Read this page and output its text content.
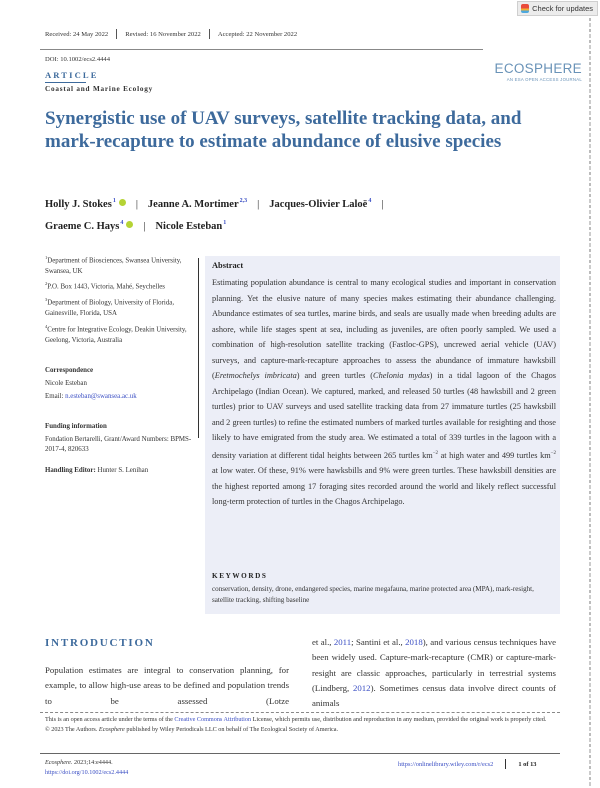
Check for updates
Received: 24 May 2022	Revised: 16 November 2022	Accepted: 22 November 2022
DOI: 10.1002/ecs2.4444
ECOSPHERE
AN ESA OPEN ACCESS JOURNAL
ARTICLE
Coastal and Marine Ecology
Synergistic use of UAV surveys, satellite tracking data, and mark-recapture to estimate abundance of elusive species
Holly J. Stokes$^1$ | Jeanne A. Mortimer$^{2,3}$ | Jacques-Olivier Laloë$^4$ |
Graeme C. Hays$^4$ | Nicole Esteban$^1$

$^1$Department of Biosciences, Swansea University, Swansea, UK

$^2$P.O. Box 1443, Victoria, Mahé, Seychelles

$^3$Department of Biology, University of Florida, Gainesville, Florida, USA

$^4$Centre for Integrative Ecology, Deakin University, Geelong, Victoria, Australia

Correspondence

Nicole Esteban

Email: n.esteban@swansea.ac.uk

Funding information

Fondation Bertarelli, Grant/Award Numbers: BPMS-2017-4, 820633

Handling Editor: Hunter S. Lenihan

Abstract
Estimating population abundance is central to many ecological studies and important in conservation planning. Yet the elusive nature of many species makes estimating their abundance challenging. Abundance estimates of sea turtles, marine birds, and seals are usually made when breeding adults are ashore, while life stages spent at sea, including as juveniles, are often poorly sampled. We used a combination of high-resolution satellite tracking (Fastloc-GPS), uncrewed aerial vehicle (UAV) surveys, and capture-mark-recapture approaches to assess the abundance of immature hawksbill (Eretmochelys imbricata) and green turtles (Chelonia mydas) in a tidal lagoon of the Chagos Archipelago (Indian Ocean). We captured, marked, and released 50 turtles (48 hawksbill and 2 green turtles) prior to UAV surveys and used satellite tracking data from 27 immature turtles (25 hawksbill and 2 green turtles) to refine the estimated numbers of marked turtles available for resighting and those likely to have emigrated from the study area. We estimated a total of 339 turtles in the lagoon with a density variation at different tidal heights between 265 turtles $km^{-2}$ at high water and 499 turtles $km^{-2}$ at low water. Of these, 91% were hawksbills and 9% were green turtles. These hawksbill densities are the highest reported among 17 foraging sites recorded around the world and likely reflect successful long-term protection of turtles in the Chagos Archipelago.
KEYWORDS
conservation, density, drone, endangered species, marine megafauna, marine protected area (MPA), mark-resight, satellite tracking, shifting baseline
INTRODUCTION
Population estimates are integral to conservation planning, for example, to allow high-use areas to be defined and population trends to be assessed (Lotze
et al., 2011; Santini et al., 2018), and various census techniques have been widely used. Capture-mark-recapture (CMR) or capture-mark-resight are classic approaches, particularly in terrestrial systems (Lindberg, 2012). Sometimes census data involve direct counts of animals
This is an open access article under the terms of the Creative Commons Attribution License, which permits use, distribution and reproduction in any medium, provided the original work is properly cited.
© 2023 The Authors. Ecosphere published by Wiley Periodicals LLC on behalf of The Ecological Society of America.
Ecosphere. 2023;14:e4444.
https://doi.org/10.1002/ecs2.4444
https://onlinelibrary.wiley.com/r/ecs2	1 of 13
